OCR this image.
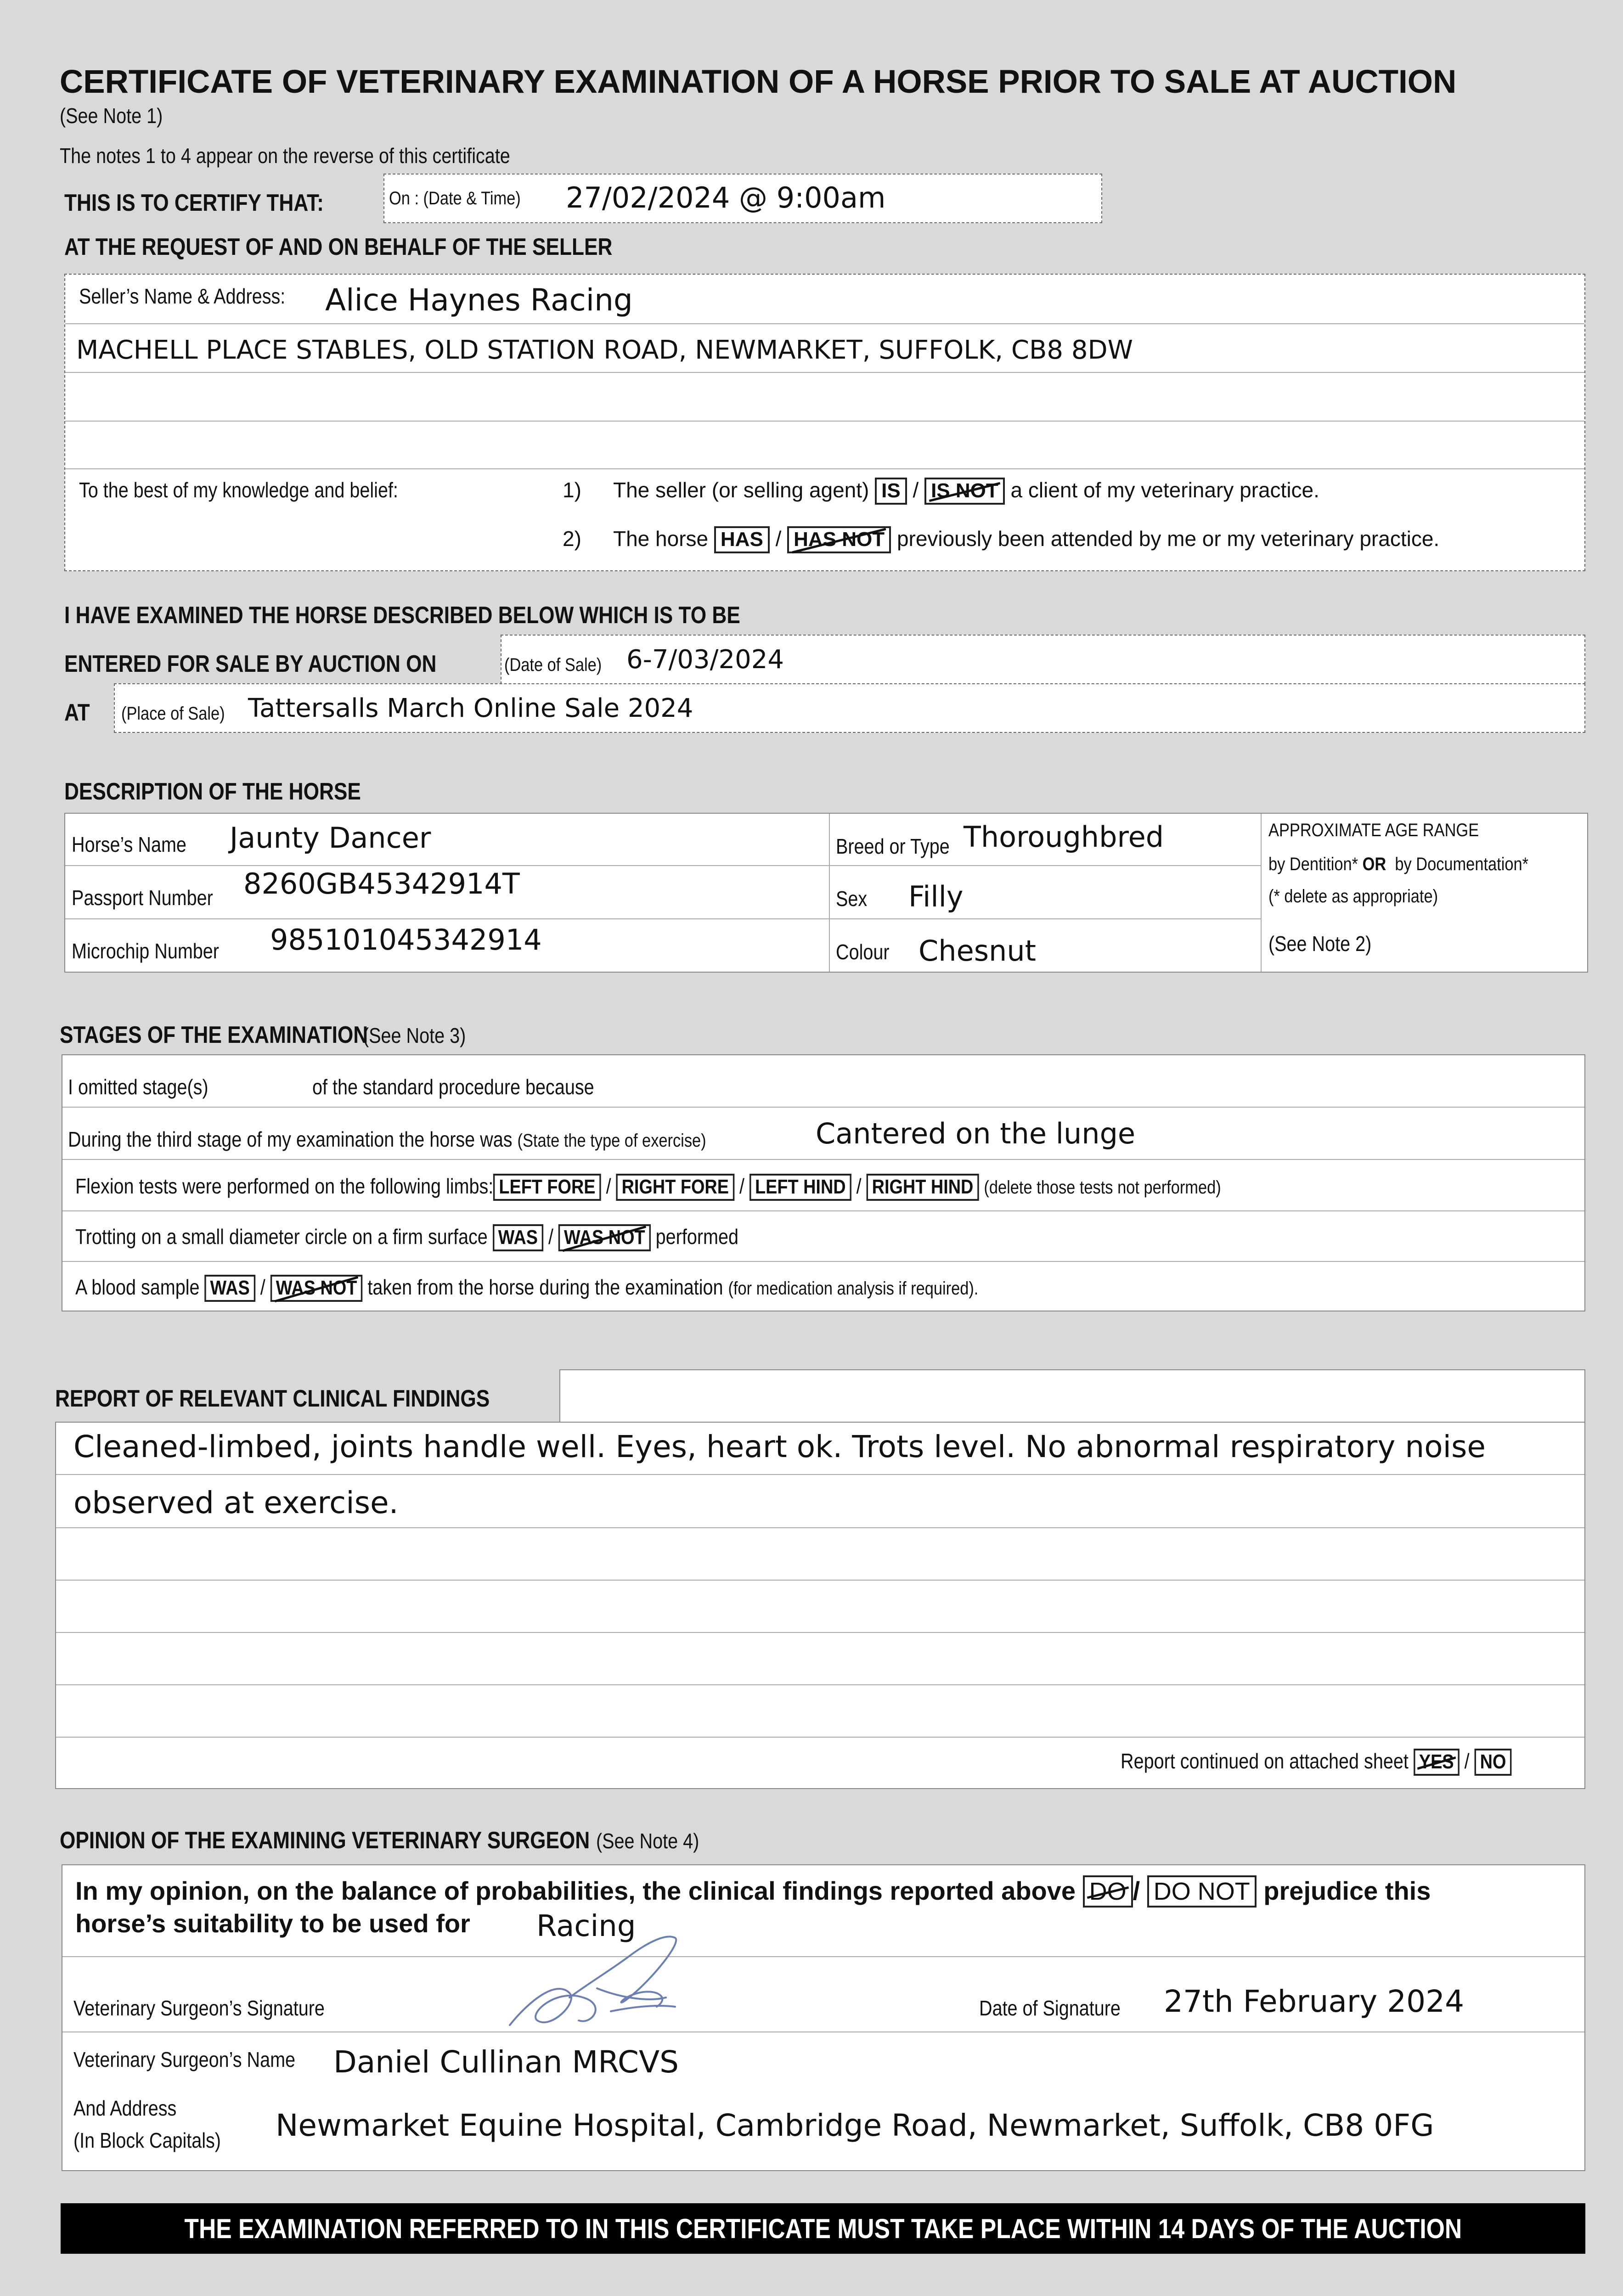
CERTIFICATE OF VETERINARY EXAMINATION OF A HORSE PRIOR TO SALE AT AUCTION
(See Note 1)
The notes 1 to 4 appear on the reverse of this certificate
THIS IS TO CERTIFY THAT:	On : (Date & Time) 27/02/2024 @ 9:00am
AT THE REQUEST OF AND ON BEHALF OF THE SELLER
Seller’s Name & Address: Alice Haynes Racing
MACHELL PLACE STABLES, OLD STATION ROAD, NEWMARKET, SUFFOLK, CB8 8DW
To the best of my knowledge and belief:	1) The seller (or selling agent) IS / IS NOT a client of my veterinary practice.
2) The horse HAS / HAS NOT previously been attended by me or my veterinary practice.
I HAVE EXAMINED THE HORSE DESCRIBED BELOW WHICH IS TO BE
ENTERED FOR SALE BY AUCTION ON	(Date of Sale) 6-7/03/2024
AT (Place of Sale) Tattersalls March Online Sale 2024
DESCRIPTION OF THE HORSE
Horse’s Name Jaunty Dancer
Passport Number 8260GB45342914T
Microchip Number 985101045342914
Breed or Type Thoroughbred
Sex Filly
Colour Chesnut
APPROXIMATE AGE RANGE
by Dentition* OR by Documentation*
(* delete as appropriate)
(See Note 2)
STAGES OF THE EXAMINATION(See Note 3)
I omitted stage(s)	of the standard procedure because
During the third stage of my examination the horse was (State the type of exercise)	Cantered on the lunge
Flexion tests were performed on the following limbs: LEFT FORE / RIGHT FORE / LEFT HIND / RIGHT HIND (delete those tests not performed)
Trotting on a small diameter circle on a firm surface WAS / WAS NOT performed
A blood sample WAS / WAS NOT taken from the horse during the examination (for medication analysis if required).
REPORT OF RELEVANT CLINICAL FINDINGS
Cleaned-limbed, joints handle well. Eyes, heart ok. Trots level. No abnormal respiratory noise
observed at exercise.
Report continued on attached sheet YES / NO
OPINION OF THE EXAMINING VETERINARY SURGEON (See Note 4)
In my opinion, on the balance of probabilities, the clinical findings reported above DO / DO NOT prejudice this
horse’s suitability to be used for Racing
Veterinary Surgeon’s Signature	Date of Signature 27th February 2024
Veterinary Surgeon’s Name Daniel Cullinan MRCVS
And Address
(In Block Capitals) Newmarket Equine Hospital, Cambridge Road, Newmarket, Suffolk, CB8 0FG
THE EXAMINATION REFERRED TO IN THIS CERTIFICATE MUST TAKE PLACE WITHIN 14 DAYS OF THE AUCTION
